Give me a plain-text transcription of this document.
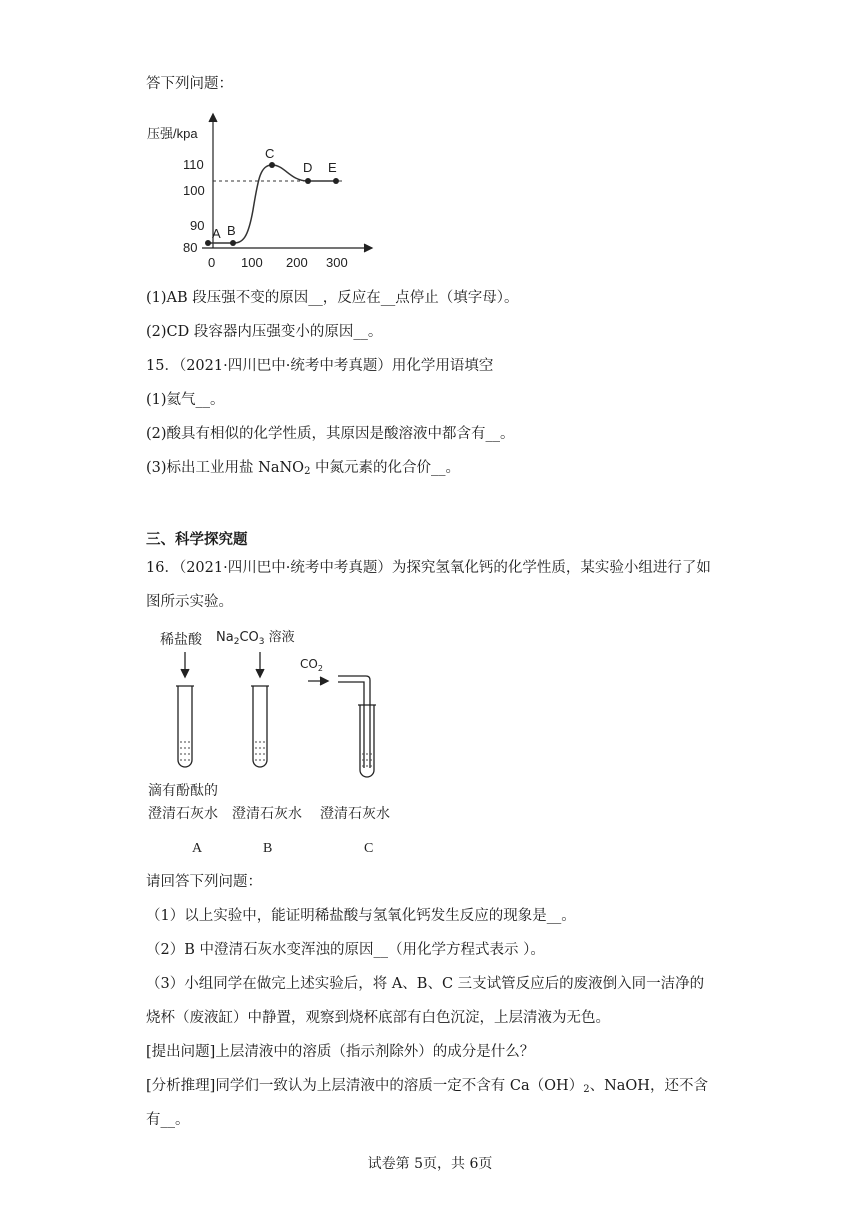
答下列问题：
压强/kpa
110
100
90
80
0 100 200 300
A B
C
D E
(1)AB 段压强不变的原因__，反应在__点停止（填字母）。
(2)CD 段容器内压强变小的原因__。
15．（2021·四川巴中·统考中考真题）用化学用语填空
(1)氦气__。
(2)酸具有相似的化学性质，其原因是酸溶液中都含有__。
(3)标出工业用盐 NaNO$_2$ 中氮元素的化合价__。
三、科学探究题
16．（2021·四川巴中·统考中考真题）为探究氢氧化钙的化学性质，某实验小组进行了如
图所示实验。
稀盐酸 $Na_2CO_3$ 溶液
$CO_2$
滴有酚酞的
澄清石灰水 澄清石灰水 澄清石灰水
A	B	C
请回答下列问题：
（1）以上实验中，能证明稀盐酸与氢氧化钙发生反应的现象是__。
（2）B 中澄清石灰水变浑浊的原因__（用化学方程式表示 ）。
（3）小组同学在做完上述实验后，将 A、B、C 三支试管反应后的废液倒入同一洁净的
烧杯（废液缸）中静置，观察到烧杯底部有白色沉淀，上层清液为无色。
[提出问题]上层清液中的溶质（指示剂除外）的成分是什么？
[分析推理]同学们一致认为上层清液中的溶质一定不含有 $Ca(OH)_2$、NaOH，还不含
有__。
试卷第 5页，共 6页
